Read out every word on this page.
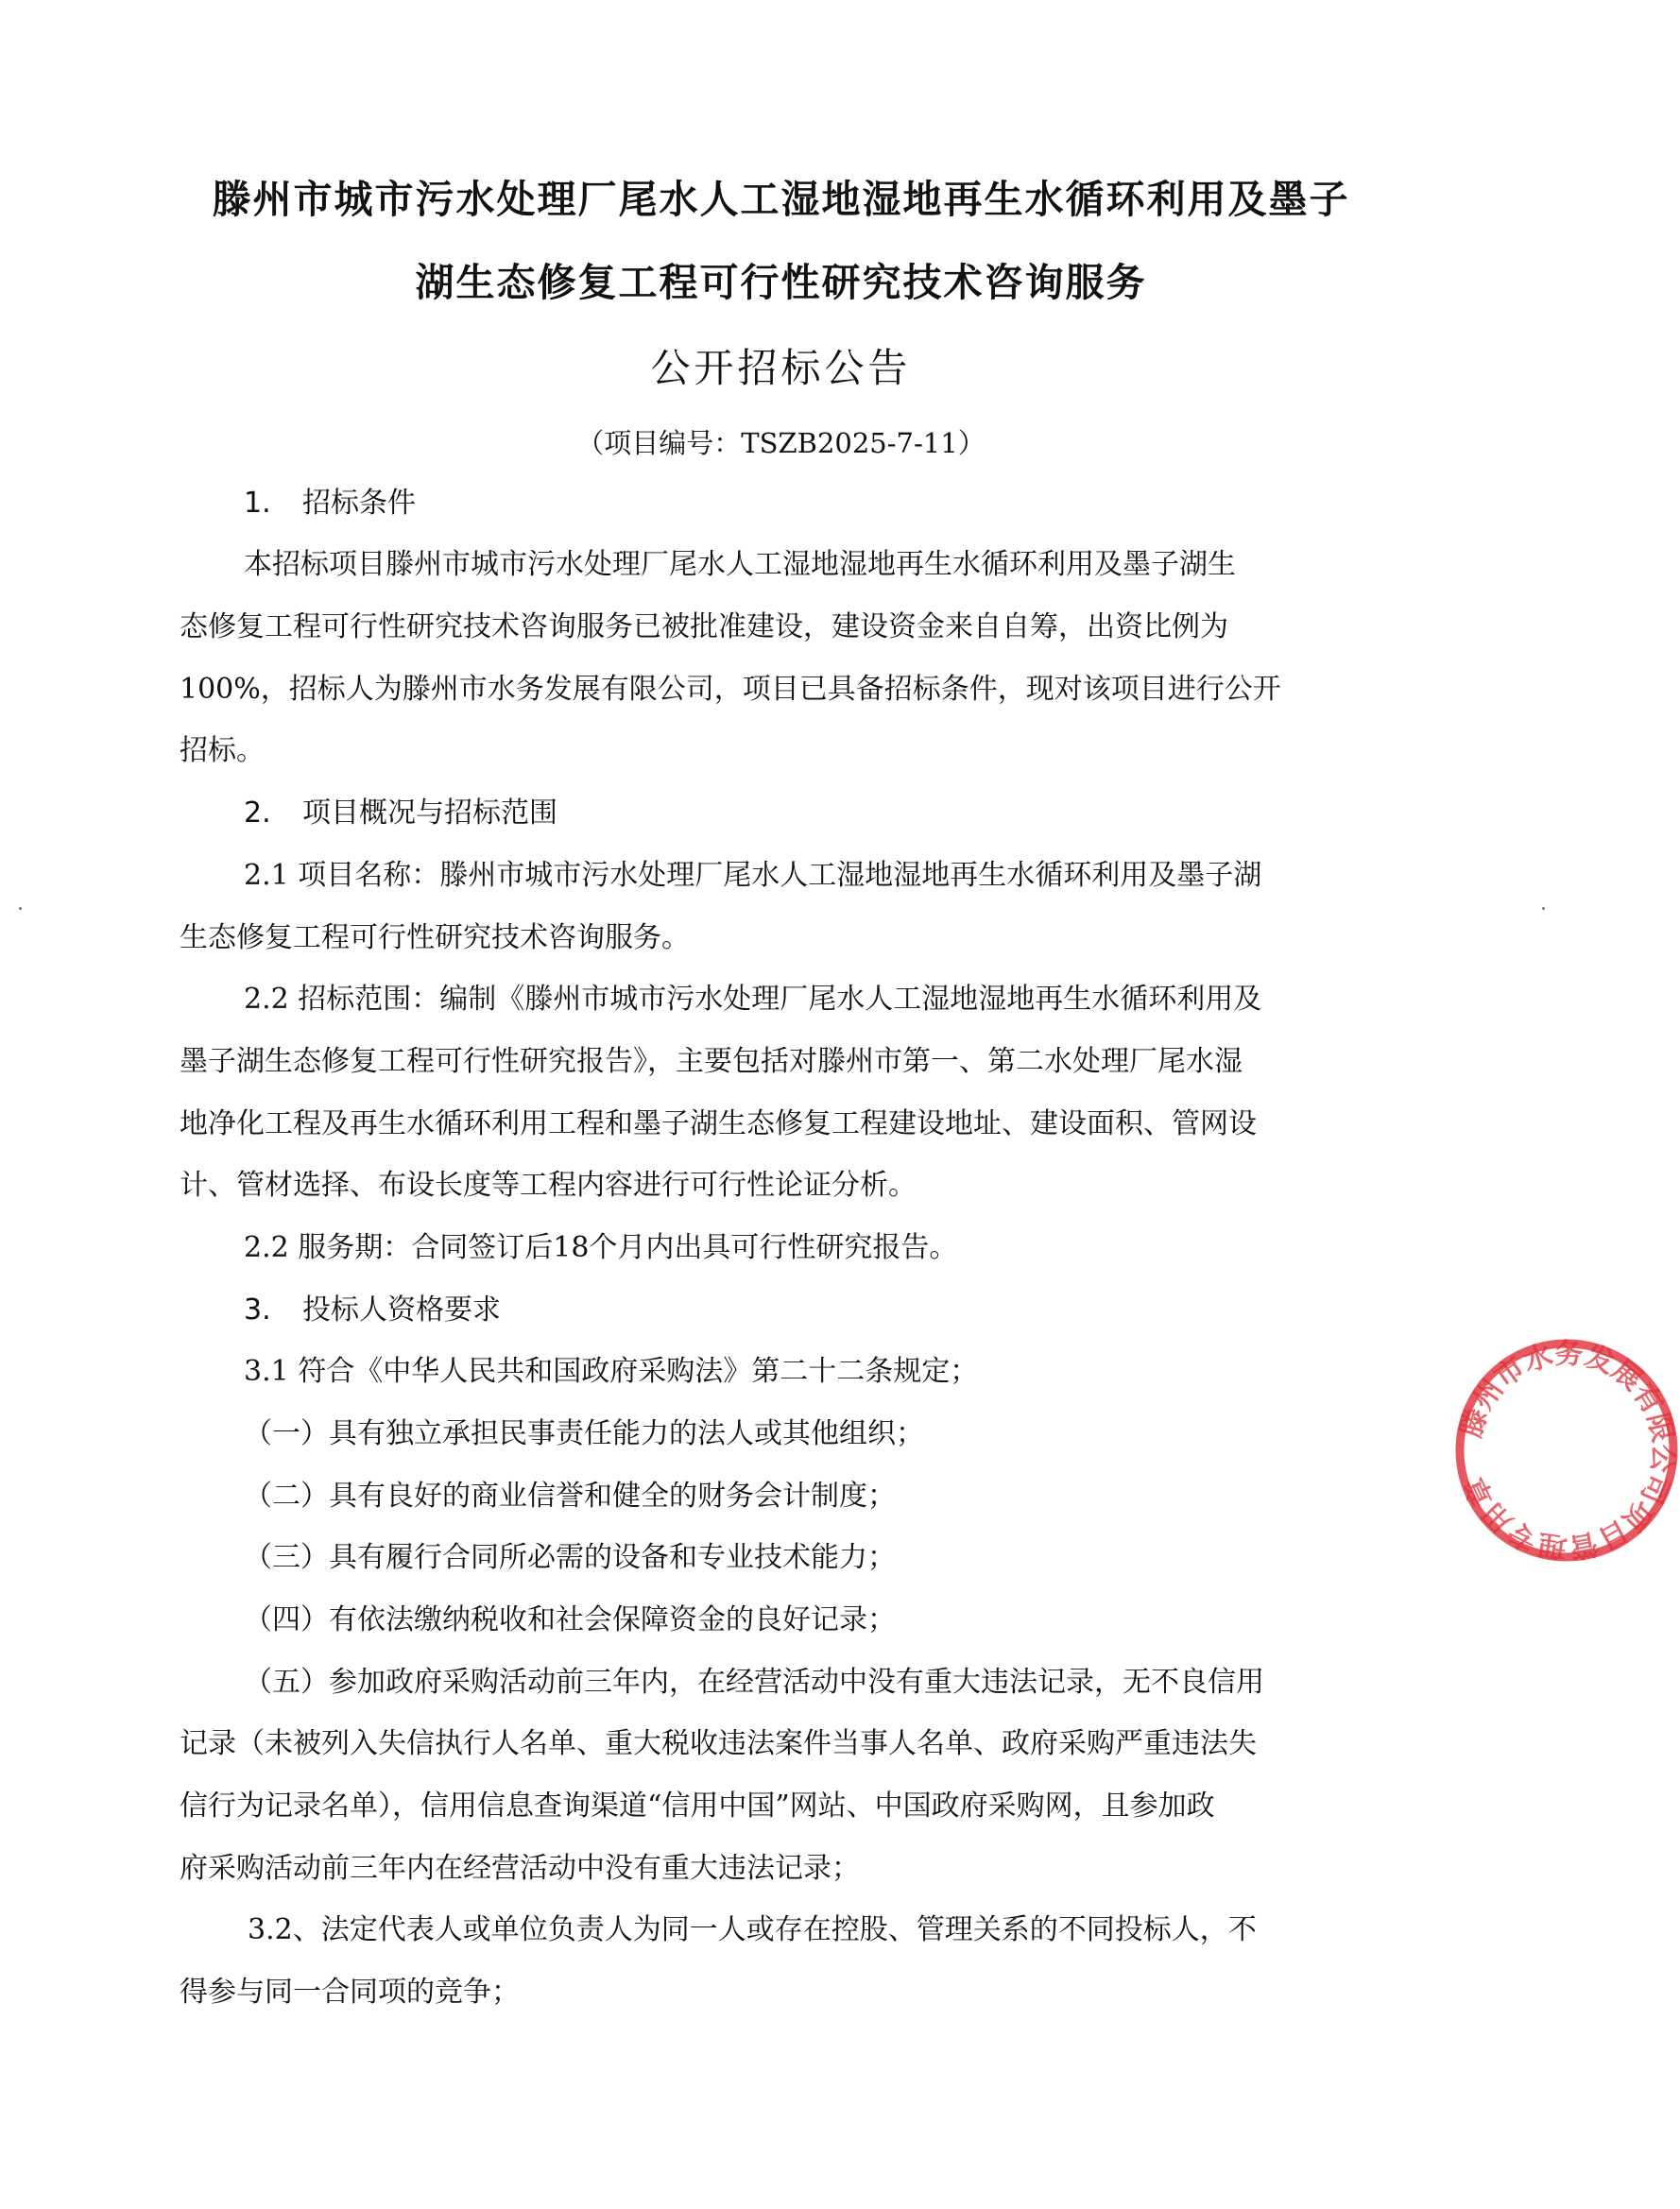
滕州市城市污水处理厂尾水人工湿地湿地再生水循环利用及墨子
湖生态修复工程可行性研究技术咨询服务
公开招标公告
（项目编号：TSZB2025-7-11）
1. 招标条件
本招标项目滕州市城市污水处理厂尾水人工湿地湿地再生水循环利用及墨子湖生
态修复工程可行性研究技术咨询服务已被批准建设，建设资金来自自筹，出资比例为
100%，招标人为滕州市水务发展有限公司，项目已具备招标条件，现对该项目进行公开
招标。
2. 项目概况与招标范围
2.1 项目名称：滕州市城市污水处理厂尾水人工湿地湿地再生水循环利用及墨子湖
生态修复工程可行性研究技术咨询服务。
2.2 招标范围：编制《滕州市城市污水处理厂尾水人工湿地湿地再生水循环利用及
墨子湖生态修复工程可行性研究报告》，主要包括对滕州市第一、第二水处理厂尾水湿
地净化工程及再生水循环利用工程和墨子湖生态修复工程建设地址、建设面积、管网设
计、管材选择、布设长度等工程内容进行可行性论证分析。
2.2 服务期：合同签订后18个月内出具可行性研究报告。
3. 投标人资格要求
3.1 符合《中华人民共和国政府采购法》第二十二条规定；
（一）具有独立承担民事责任能力的法人或其他组织；
（二）具有良好的商业信誉和健全的财务会计制度；
（三）具有履行合同所必需的设备和专业技术能力；
（四）有依法缴纳税收和社会保障资金的良好记录；
（五）参加政府采购活动前三年内，在经营活动中没有重大违法记录，无不良信用
记录（未被列入失信执行人名单、重大税收违法案件当事人名单、政府采购严重违法失
信行为记录名单），信用信息查询渠道“信用中国”网站、中国政府采购网，且参加政
府采购活动前三年内在经营活动中没有重大违法记录；
3.2、法定代表人或单位负责人为同一人或存在控股、管理关系的不同投标人，不
得参与同一合同项的竞争；
滕州市水务发展有限公司项目管理专用章
